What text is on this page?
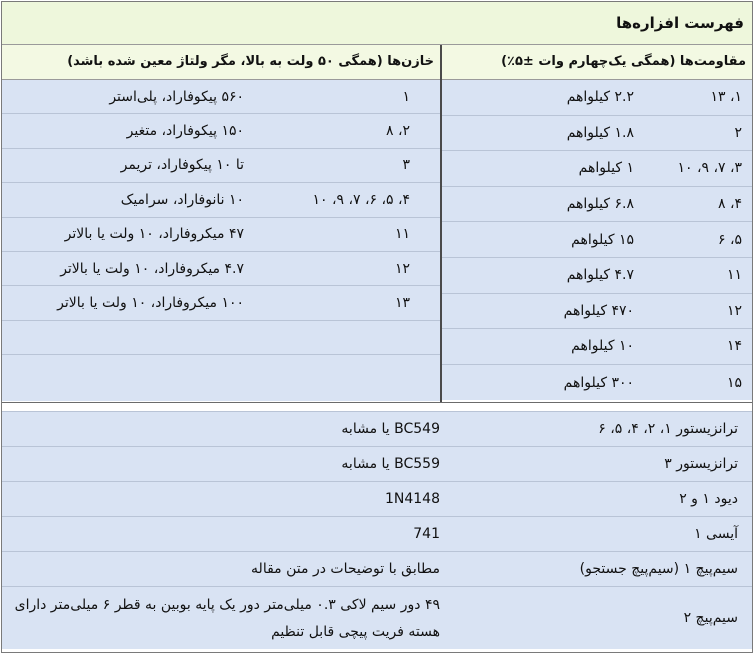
فهرست افزاره‌ها
مقاومت‌ها (همگی یک‌چهارم وات ±۵٪)
۱، ۱۳
۲.۲ کیلواهم
۲
۱.۸ کیلواهم
۳، ۷، ۹، ۱۰
۱ کیلواهم
۴، ۸
۶.۸ کیلواهم
۵، ۶
۱۵ کیلواهم
۱۱
۴.۷ کیلواهم
۱۲
۴۷۰ کیلواهم
۱۴
۱۰ کیلواهم
۱۵
۳۰۰ کیلواهم
خازن‌ها (همگی ۵۰ ولت به بالا، مگر ولتاژ معین شده باشد)
۱
۵۶۰ پیکوفاراد، پلی‌استر
۲، ۸
۱۵۰ پیکوفاراد، متغیر
۳
تا ۱۰ پیکوفاراد، تریمر
۴، ۵، ۶، ۷، ۹، ۱۰
۱۰ نانوفاراد، سرامیک
۱۱
۴۷ میکروفاراد، ۱۰ ولت یا بالاتر
۱۲
۴.۷ میکروفاراد، ۱۰ ولت یا بالاتر
۱۳
۱۰۰ میکروفاراد، ۱۰ ولت یا بالاتر
ترانزیستور ۱، ۲، ۴، ۵، ۶
BC549 یا مشابه
ترانزیستور ۳
BC559 یا مشابه
دیود ۱ و ۲
1N4148
آیسی ۱
741
سیم‌پیچ ۱ (سیم‌پیچ جستجو)
مطابق با توضیحات در متن مقاله
سیم‌پیچ ۲
۴۹ دور سیم لاکی ۰.۳ میلی‌متر دور یک پایه بوبین به قطر ۶ میلی‌متر دارای هسته فریت پیچی قابل تنظیم
